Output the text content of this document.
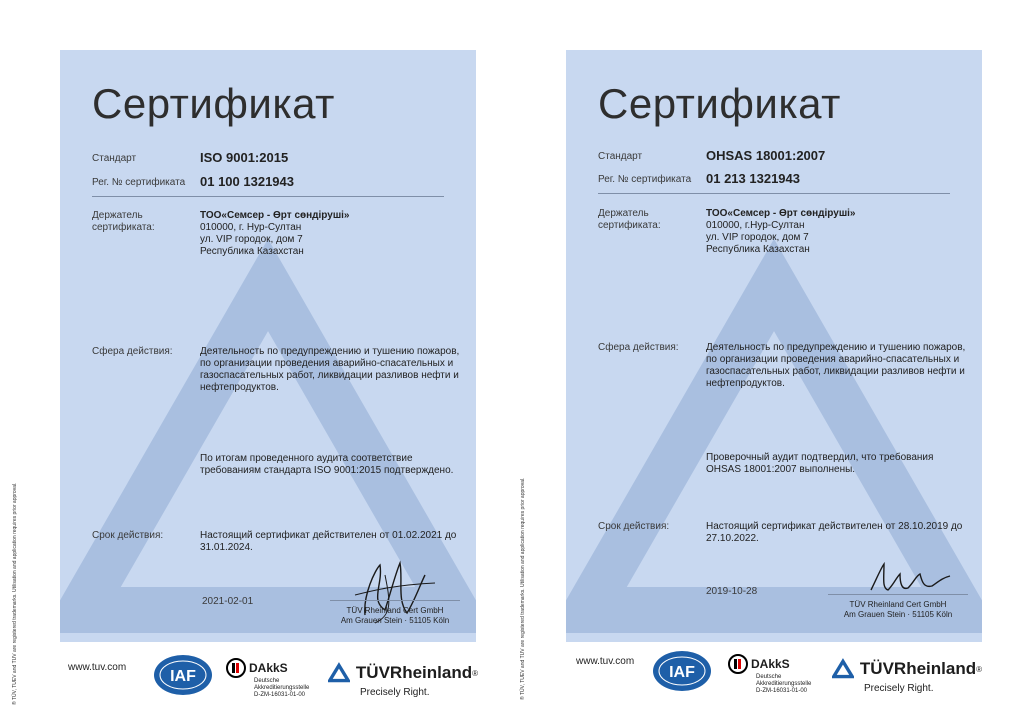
Сертификат
Стандарт	ISO 9001:2015
Рег. № сертификата 01 100 1321943
Держатель сертификата:
ТОО«Семсер - Өрт сөндірушi»
010000, г. Нур-Султан
ул. VIP городок, дом 7
Республика Казахстан
Сфера действия:	Деятельность по предупреждению и тушению пожаров, по организации проведения аварийно-спасательных и газоспасательных работ, ликвидации разливов нефти и нефтепродуктов.
По итогам проведенного аудита соответствие требованиям стандарта ISO 9001:2015 подтверждено.
Срок действия:	Настоящий сертификат действителен от 01.02.2021 до 31.01.2024.
2021-02-01
TÜV Rheinland Cert GmbH
Am Grauen Stein · 51105 Köln
® TÜV, TUEV and TUV are registered trademarks. Utilisation and application requires prior approval.	www.tuv.com
IAF	DAkkS
Deutsche
Akkreditierungsstelle
D-ZM-16031-01-00
TÜVRheinland ®
Precisely Right.
Сертификат
Стандарт	OHSAS 18001:2007
Рег. № сертификата 01 213 1321943
Держатель сертификата:
ТОО«Семсер - Өрт сөндірушi»
010000, г.Нур-Султан
ул. VIP городок, дом 7
Республика Казахстан
Сфера действия:	Деятельность по предупреждению и тушению пожаров, по организации проведения аварийно-спасательных и газоспасательных работ, ликвидации разливов нефти и нефтепродуктов.
Проверочный аудит подтвердил, что требования OHSAS 18001:2007 выполнены.
Срок действия:	Настоящий сертификат действителен от 28.10.2019 до 27.10.2022.
2019-10-28
TÜV Rheinland Cert GmbH
Am Grauen Stein · 51105 Köln
® TÜV, TUEV and TUV are registered trademarks. Utilisation and application requires prior approval.	www.tuv.com
IAF	DAkkS
Deutsche
Akkreditierungsstelle
D-ZM-16031-01-00
TÜVRheinland ®
Precisely Right.
